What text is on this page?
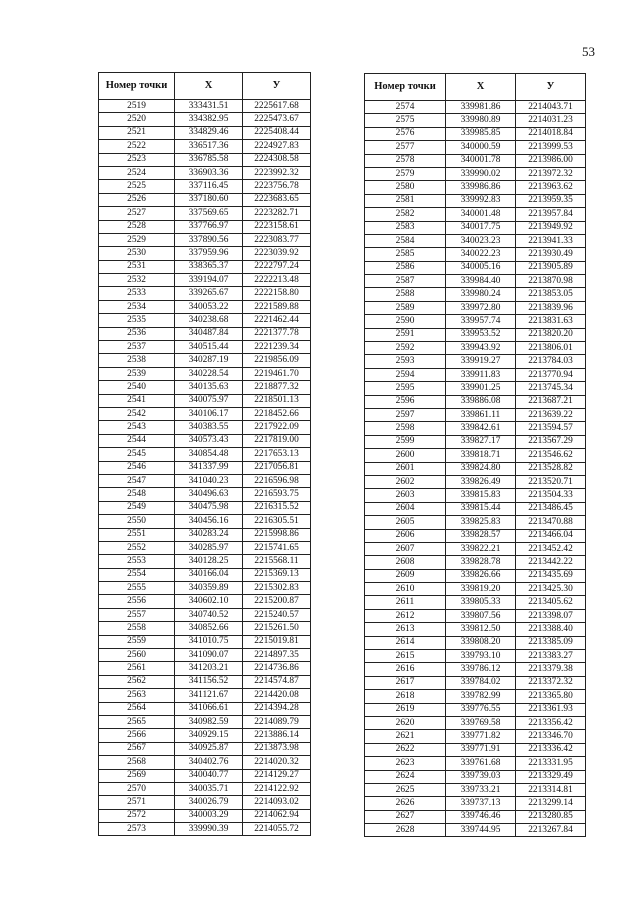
53
Номер точки	X	У
2519	333431.51	2225617.68
2520	334382.95	2225473.67
2521	334829.46	2225408.44
2522	336517.36	2224927.83
2523	336785.58	2224308.58
2524	336903.36	2223992.32
2525	337116.45	2223756.78
2526	337180.60	2223683.65
2527	337569.65	2223282.71
2528	337766.97	2223158.61
2529	337890.56	2223083.77
2530	337959.96	2223039.92
2531	338365.37	2222797.24
2532	339194.07	2222213.48
2533	339265.67	2222158.80
2534	340053.22	2221589.88
2535	340238.68	2221462.44
2536	340487.84	2221377.78
2537	340515.44	2221239.34
2538	340287.19	2219856.09
2539	340228.54	2219461.70
2540	340135.63	2218877.32
2541	340075.97	2218501.13
2542	340106.17	2218452.66
2543	340383.55	2217922.09
2544	340573.43	2217819.00
2545	340854.48	2217653.13
2546	341337.99	2217056.81
2547	341040.23	2216596.98
2548	340496.63	2216593.75
2549	340475.98	2216315.52
2550	340456.16	2216305.51
2551	340283.24	2215998.86
2552	340285.97	2215741.65
2553	340128.25	2215568.11
2554	340166.04	2215369.13
2555	340359.89	2215302.83
2556	340602.10	2215200.87
2557	340740.52	2215240.57
2558	340852.66	2215261.50
2559	341010.75	2215019.81
2560	341090.07	2214897.35
2561	341203.21	2214736.86
2562	341156.52	2214574.87
2563	341121.67	2214420.08
2564	341066.61	2214394.28
2565	340982.59	2214089.79
2566	340929.15	2213886.14
2567	340925.87	2213873.98
2568	340402.76	2214020.32
2569	340040.77	2214129.27
2570	340035.71	2214122.92
2571	340026.79	2214093.02
2572	340003.29	2214062.94
2573	339990.39	2214055.72
Номер точки	X	У
2574	339981.86	2214043.71
2575	339980.89	2214031.23
2576	339985.85	2214018.84
2577	340000.59	2213999.53
2578	340001.78	2213986.00
2579	339990.02	2213972.32
2580	339986.86	2213963.62
2581	339992.83	2213959.35
2582	340001.48	2213957.84
2583	340017.75	2213949.92
2584	340023.23	2213941.33
2585	340022.23	2213930.49
2586	340005.16	2213905.89
2587	339984.40	2213870.98
2588	339980.24	2213853.05
2589	339972.80	2213839.96
2590	339957.74	2213831.63
2591	339953.52	2213820.20
2592	339943.92	2213806.01
2593	339919.27	2213784.03
2594	339911.83	2213770.94
2595	339901.25	2213745.34
2596	339886.08	2213687.21
2597	339861.11	2213639.22
2598	339842.61	2213594.57
2599	339827.17	2213567.29
2600	339818.71	2213546.62
2601	339824.80	2213528.82
2602	339826.49	2213520.71
2603	339815.83	2213504.33
2604	339815.44	2213486.45
2605	339825.83	2213470.88
2606	339828.57	2213466.04
2607	339822.21	2213452.42
2608	339828.78	2213442.22
2609	339826.66	2213435.69
2610	339819.20	2213425.30
2611	339805.33	2213405.62
2612	339807.56	2213398.07
2613	339812.50	2213388.40
2614	339808.20	2213385.09
2615	339793.10	2213383.27
2616	339786.12	2213379.38
2617	339784.02	2213372.32
2618	339782.99	2213365.80
2619	339776.55	2213361.93
2620	339769.58	2213356.42
2621	339771.82	2213346.70
2622	339771.91	2213336.42
2623	339761.68	2213331.95
2624	339739.03	2213329.49
2625	339733.21	2213314.81
2626	339737.13	2213299.14
2627	339746.46	2213280.85
2628	339744.95	2213267.84
